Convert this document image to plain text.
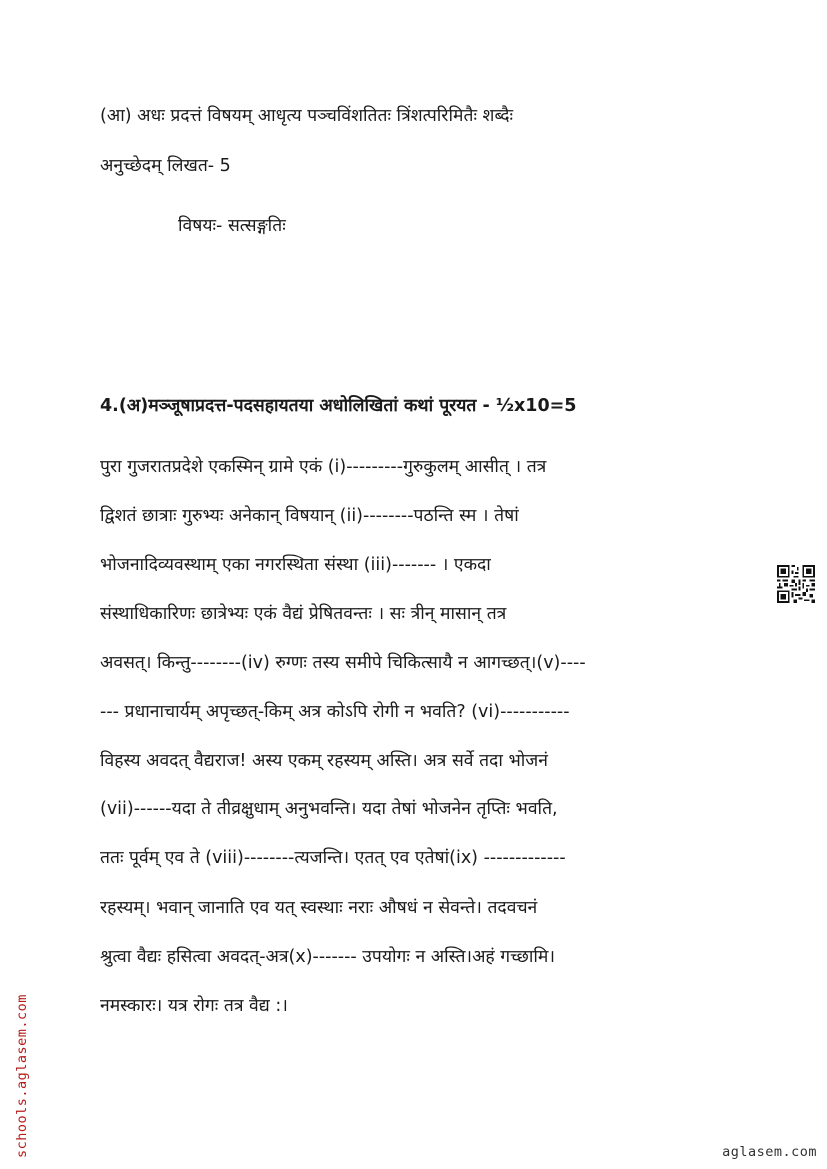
(आ) अधः प्रदत्तं विषयम् आधृत्य पञ्चविंशतितः त्रिंशत्परिमितैः शब्दैः
अनुच्छेदम् लिखत- 5
विषयः- सत्सङ्गतिः
4.(अ)मञ्जूषाप्रदत्त-पदसहायतया अधोलिखितां कथां पूरयत - ½x10=5
पुरा गुजरातप्रदेशे एकस्मिन् ग्रामे एकं (i)---------गुरुकुलम् आसीत् । तत्र
द्विशतं छात्राः गुरुभ्यः अनेकान् विषयान् (ii)--------पठन्ति स्म । तेषां
भोजनादिव्यवस्थाम् एका नगरस्थिता संस्था (iii)------- । एकदा
संस्थाधिकारिणः छात्रेभ्यः एकं वैद्यं प्रेषितवन्तः । सः त्रीन् मासान् तत्र
अवसत्। किन्तु--------(iv) रुग्णः तस्य समीपे चिकित्सायै न आगच्छत्।(v)----
--- प्रधानाचार्यम् अपृच्छत्-किम् अत्र कोऽपि रोगी न भवति? (vi)-----------
विहस्य अवदत् वैद्यराज! अस्य एकम् रहस्यम् अस्ति। अत्र सर्वे तदा भोजनं
(vii)------यदा ते तीव्रक्षुधाम् अनुभवन्ति। यदा तेषां भोजनेन तृप्तिः भवति,
ततः पूर्वम् एव ते (viii)--------त्यजन्ति। एतत् एव एतेषां(ix) -------------
रहस्यम्। भवान् जानाति एव यत् स्वस्थाः नराः औषधं न सेवन्ते। तदवचनं
श्रुत्वा वैद्यः हसित्वा अवदत्-अत्र(x)------- उपयोगः न अस्ति।अहं गच्छामि।
नमस्कारः। यत्र रोगः तत्र वैद्य :।
schools.aglasem.com	aglasem.com
